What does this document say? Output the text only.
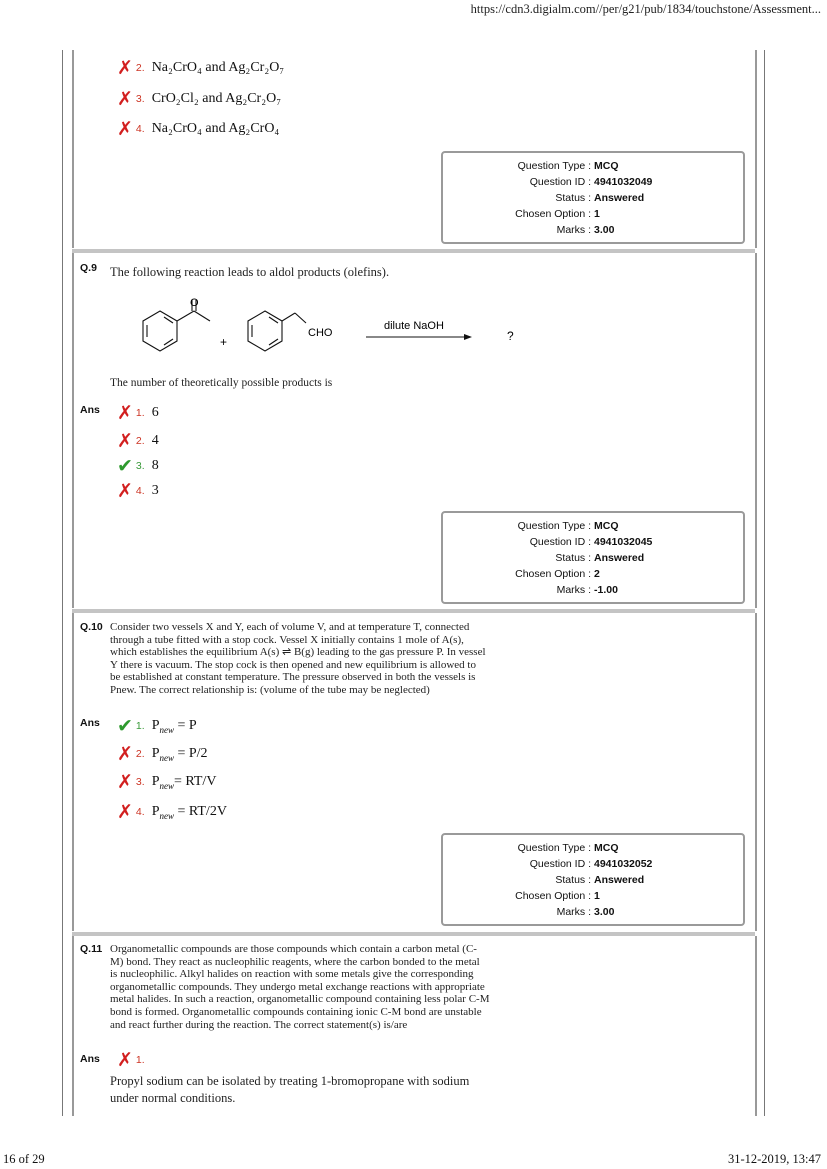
https://cdn3.digialm.com//per/g21/pub/1834/touchstone/Assessment...
16 of 29	31-12-2019, 13:47
✗ 2. Na₂CrO₄ and Ag₂Cr₂O₇
✗ 3. CrO₂Cl₂ and Ag₂Cr₂O₇
✗ 4. Na₂CrO₄ and Ag₂CrO₄
Question Type : MCQ
Question ID : 4941032049
Status : Answered
Chosen Option : 1
Marks : 3.00
Q.9 The following reaction leads to aldol products (olefins).
O
+
CHO
dilute NaOH
?
The number of theoretically possible products is
Ans ✗ 1. 6
✗ 2. 4
✔ 3. 8
✗ 4. 3
Question Type : MCQ
Question ID : 4941032045
Status : Answered
Chosen Option : 2
Marks : -1.00
Q.10 Consider two vessels X and Y, each of volume V, and at temperature T, connected
through a tube fitted with a stop cock. Vessel X initially contains 1 mole of A(s),
which establishes the equilibrium A(s) ⇌ B(g) leading to the gas pressure P. In vessel
Y there is vacuum. The stop cock is then opened and new equilibrium is allowed to
be established at constant temperature. The pressure observed in both the vessels is
Pnew. The correct relationship is: (volume of the tube may be neglected)
Ans ✔ 1. $P_{new} = P$
✗ 2. $P_{new} = P/2$
✗ 3. $P_{new}= RT/V$
✗ 4. $P_{new} = RT/2V$
Question Type : MCQ
Question ID : 4941032052
Status : Answered
Chosen Option : 1
Marks : 3.00
Q.11 Organometallic compounds are those compounds which contain a carbon metal (C-
M) bond. They react as nucleophilic reagents, where the carbon bonded to the metal
is nucleophilic. Alkyl halides on reaction with some metals give the corresponding
organometallic compounds. They undergo metal exchange reactions with appropriate
metal halides. In such a reaction, organometallic compound containing less polar C-M
bond is formed. Organometallic compounds containing ionic C-M bond are unstable
and react further during the reaction. The correct statement(s) is/are
Ans ✗ 1.
Propyl sodium can be isolated by treating 1-bromopropane with sodium
under normal conditions.
